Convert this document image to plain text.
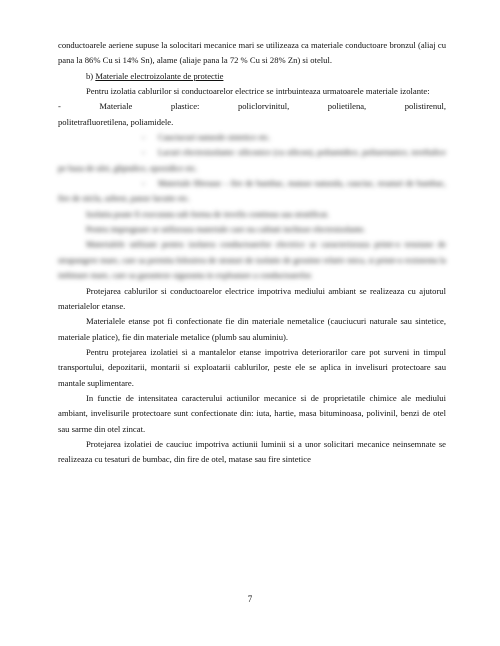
conductoarele aeriene supuse la solocitari mecanice mari se utilizeaza ca materiale conductoare bronzul (aliaj cu pana la 86% Cu si 14% Sn), alame (aliaje pana la 72 % Cu si 28% Zn) si otelul.

b) Materiale electroizolante de protectie

Pentru izolatia cablurilor si conductoarelor electrice se intrbuinteaza urmatoarele materiale izolante:

-	Materiale	plastice:	policlorvinitul,	polietilena,	polistirenul,

politetrafluoretilena, poliamidele.

- Cauciucuri naturale sintetice etc.

- Lacuri electroizolante: siliconice (cu silicon), poliamidice, poliuretanice, tereftalice pe baza de ulei, gliptalice, epoxidice etc.

- Materiale fibroase – fire de bumbac, matase naturala, cauciuc, tesaturi de bumbac, fire de sticla, azbest, panze lacuite etc.

Izolatia poate fi executata sub forma de invelis continuu sau stratificat.

Pentru impregnare se utilizeaza materiale care nu calitati inchisor electroizolante.

Materialele utilizate pentru izolarea conductoarelor electrice se caracterizeaza printr-o tensiune de strapungere mare, care sa permita folosirea de straturi de izolatie de grosime relativ mica, si printr-o rezistenta la imbinare mare, care sa garanteze siguranta in exploatare a conductoarelor.

Protejarea cablurilor si conductoarelor electrice impotriva mediului ambiant se realizeaza cu ajutorul materialelor etanse.

Materialele etanse pot fi confectionate fie din materiale nemetalice (cauciucuri naturale sau sintetice, materiale platice), fie din materiale metalice (plumb sau aluminiu).

Pentru protejarea izolatiei si a mantalelor etanse impotriva deteriorarilor care pot surveni in timpul transportului, depozitarii, montarii si exploatarii cablurilor, peste ele se aplica in invelisuri protectoare sau mantale suplimentare.

In functie de intensitatea caracterului actiunilor mecanice si de proprietatile chimice ale mediului ambiant, invelisurile protectoare sunt confectionate din: iuta, hartie, masa bituminoasa, polivinil, benzi de otel sau sarme din otel zincat.

Protejarea izolatiei de cauciuc impotriva actiunii luminii si a unor solicitari mecanice neinsemnate se realizeaza cu tesaturi de bumbac, din fire de otel, matase sau fire sintetice

7
